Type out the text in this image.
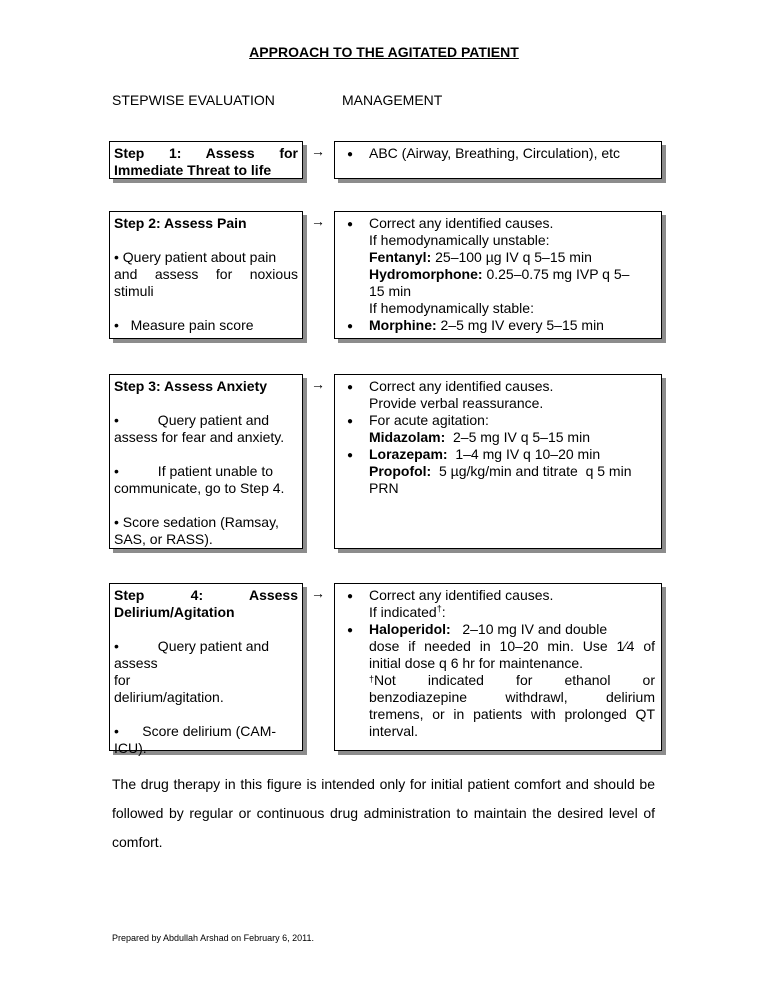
APPROACH TO THE AGITATED PATIENT
STEPWISE EVALUATION	MANAGEMENT
Step 1: Assess for
Immediate Threat to life
→ ● ABC (Airway, Breathing, Circulation), etc
Step 2: Assess Pain
• Query patient about pain
and assess for noxious
stimuli
•   Measure pain score
→ ●
●
Correct any identified causes.
If hemodynamically unstable:
Fentanyl: 25–100 µg IV q 5–15 min
Hydromorphone: 0.25–0.75 mg IVP q 5–
15 min
If hemodynamically stable:
Morphine: 2–5 mg IV every 5–15 min
Step 3: Assess Anxiety
•          Query patient and
assess for fear and anxiety.
•          If patient unable to
communicate, go to Step 4.
• Score sedation (Ramsay,
SAS, or RASS).
→ ●
●
●
Correct any identified causes.
Provide verbal reassurance.
For acute agitation:
Midazolam:  2–5 mg IV q 5–15 min
Lorazepam:  1–4 mg IV q 10–20 min
Propofol:  5 µg/kg/min and titrate  q 5 min
PRN
Step 4: Assess
Delirium/Agitation
•          Query patient and
assess for
delirium/agitation.
•      Score delirium (CAM-
ICU).
→ ●
●
Correct any identified causes.
If indicated†:
Haloperidol:   2–10 mg IV and double
dose if needed in 10–20 min. Use 1⁄4 of
initial dose q 6 hr for maintenance.
† Not indicated for ethanol or
benzodiazepine withdrawl, delirium
tremens, or in patients with prolonged QT
interval.
The drug therapy in this figure is intended only for initial patient comfort and should be followed by regular or continuous drug administration to maintain the desired level of comfort.
Prepared by Abdullah Arshad on February 6, 2011.
